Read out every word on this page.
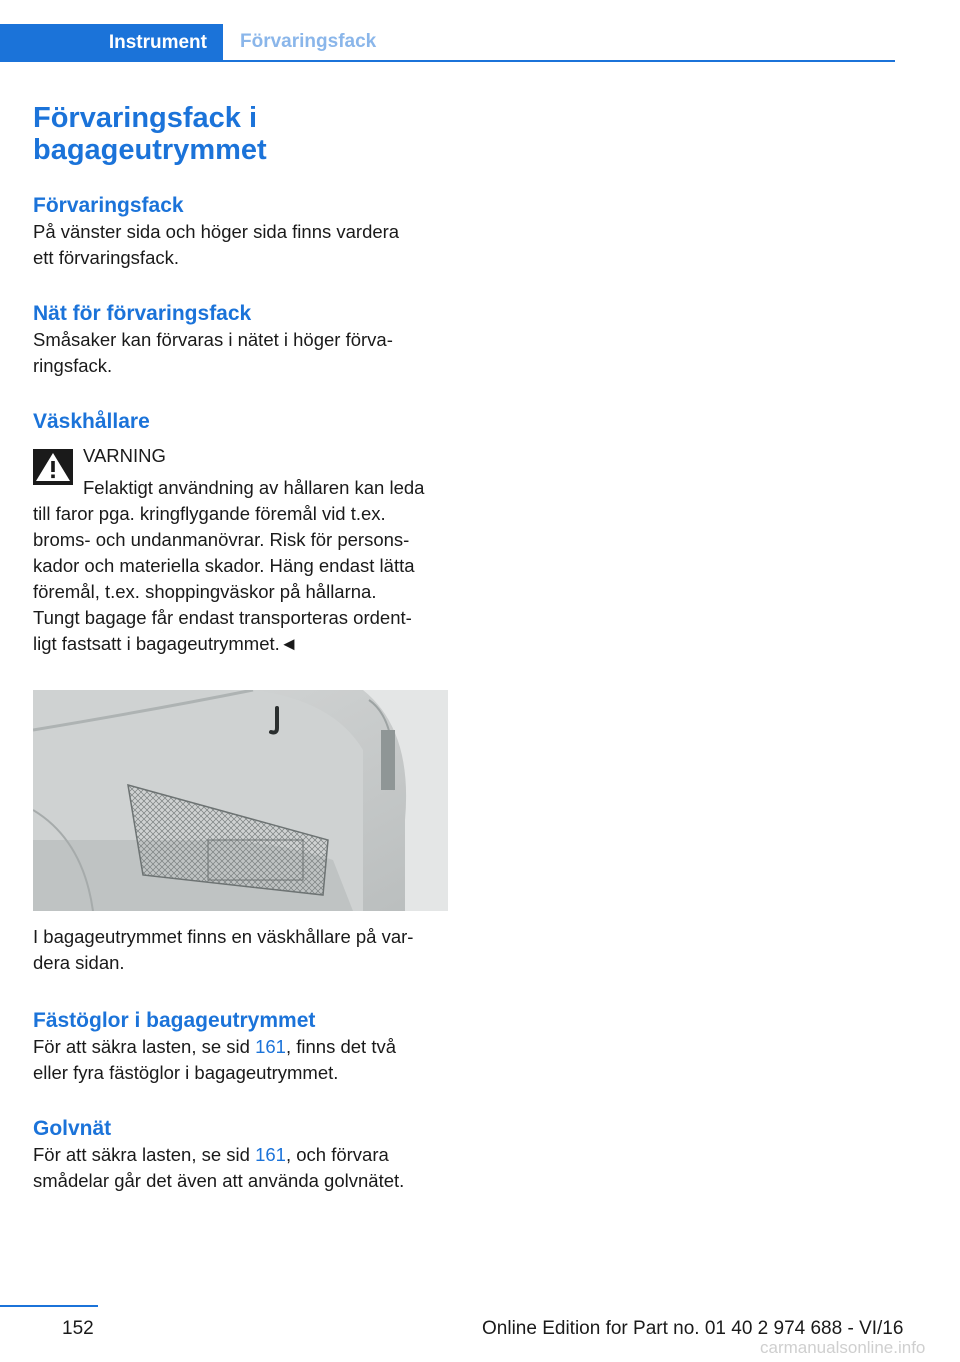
Instrument	Förvaringsfack
Förvaringsfack i
bagageutrymmet
Förvaringsfack

På vänster sida och höger sida finns vardera
ett förvaringsfack.

Nät för förvaringsfack

Småsaker kan förvaras i nätet i höger förva‐
ringsfack.

Väskhållare

VARNING

Felaktigt användning av hållaren kan leda
till faror pga. kringflygande föremål vid t.ex.
broms- och undanmanövrar. Risk för persons‐
kador och materiella skador. Häng endast lätta
föremål, t.ex. shoppingväskor på hållarna.
Tungt bagage får endast transporteras ordent‐
ligt fastsatt i bagageutrymmet.◄

I bagageutrymmet finns en väskhållare på var‐
dera sidan.

Fästöglor i bagageutrymmet

För att säkra lasten, se sid 161, finns det två
eller fyra fästöglor i bagageutrymmet.

Golvnät

För att säkra lasten, se sid 161, och förvara
smådelar går det även att använda golvnätet.

152	Online Edition for Part no. 01 40 2 974 688 - VI/16
carmanualsonline.info
